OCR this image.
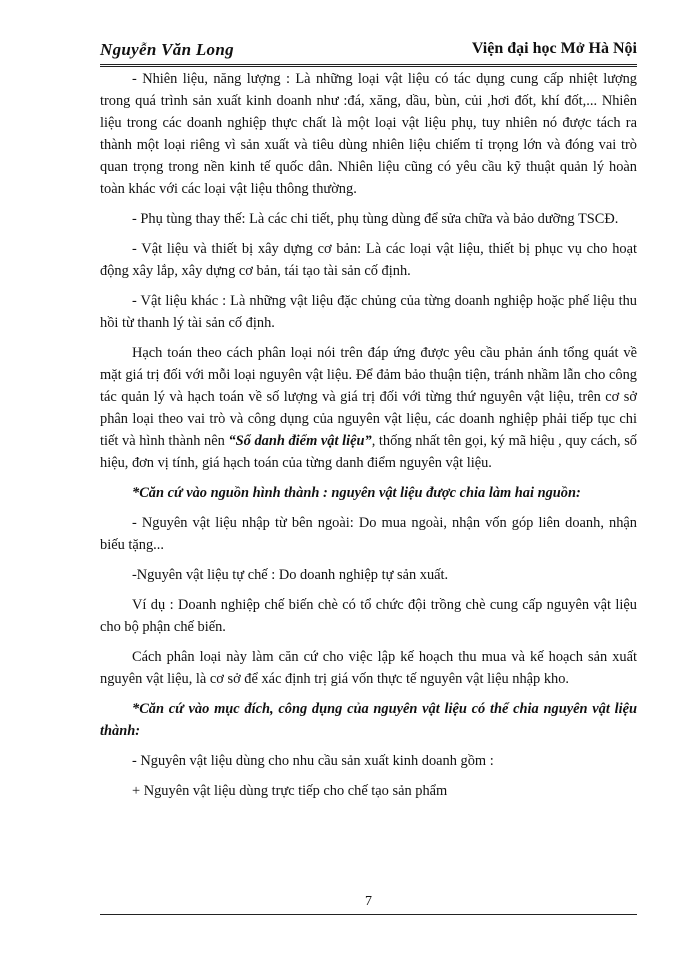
Nguyễn Văn Long	Viện đại học Mở Hà Nội

- Nhiên liệu, năng lượng : Là những loại vật liệu có tác dụng cung cấp nhiệt lượng trong quá trình sản xuất kinh doanh như :đá, xăng, dầu, bùn, củi ,hơi đốt, khí đốt,... Nhiên liệu trong các doanh nghiệp thực chất là một loại vật liệu phụ, tuy nhiên nó được tách ra thành một loại riêng vì sản xuất và tiêu dùng nhiên liệu chiếm tỉ trọng lớn và đóng vai trò quan trọng trong nền kinh tế quốc dân. Nhiên liệu cũng có yêu cầu kỹ thuật quản lý hoàn toàn khác với các loại vật liệu thông thường.

- Phụ tùng thay thế: Là các chi tiết, phụ tùng dùng để sửa chữa và bảo dưỡng TSCĐ.

- Vật liệu và thiết bị xây dựng cơ bản: Là các loại vật liệu, thiết bị phục vụ cho hoạt động xây lắp, xây dựng cơ bản, tái tạo tài sản cố định.

- Vật liệu khác : Là những vật liệu đặc chủng của từng doanh nghiệp hoặc phế liệu thu hồi từ thanh lý tài sản cố định.

Hạch toán theo cách phân loại nói trên đáp ứng được yêu cầu phản ánh tổng quát về mặt giá trị đối với mỗi loại nguyên vật liệu. Để đảm bảo thuận tiện, tránh nhầm lẫn cho công tác quản lý và hạch toán về số lượng và giá trị đối với từng thứ nguyên vật liệu, trên cơ sở phân loại theo vai trò và công dụng của nguyên vật liệu, các doanh nghiệp phải tiếp tục chi tiết và hình thành nên “Sổ danh điểm vật liệu”, thống nhất tên gọi, ký mã hiệu , quy cách, số hiệu, đơn vị tính, giá hạch toán của từng danh điểm nguyên vật liệu.

*Căn cứ vào nguồn hình thành : nguyên vật liệu được chia làm hai nguồn:

- Nguyên vật liệu nhập từ bên ngoài: Do mua ngoài, nhận vốn góp liên doanh, nhận biếu tặng...

-Nguyên vật liệu tự chế : Do doanh nghiệp tự sản xuất.

Ví dụ : Doanh nghiệp chế biến chè có tổ chức đội trồng chè cung cấp nguyên vật liệu cho bộ phận chế biến.

Cách phân loại này làm căn cứ cho việc lập kế hoạch thu mua và kế hoạch sản xuất nguyên vật liệu, là cơ sở để xác định trị giá vốn thực tế nguyên vật liệu nhập kho.

*Căn cứ vào mục đích, công dụng của nguyên vật liệu có thể chia nguyên vật liệu thành:

- Nguyên vật liệu dùng cho nhu cầu sản xuất kinh doanh gồm :

+ Nguyên vật liệu dùng trực tiếp cho chế tạo sản phẩm

7
